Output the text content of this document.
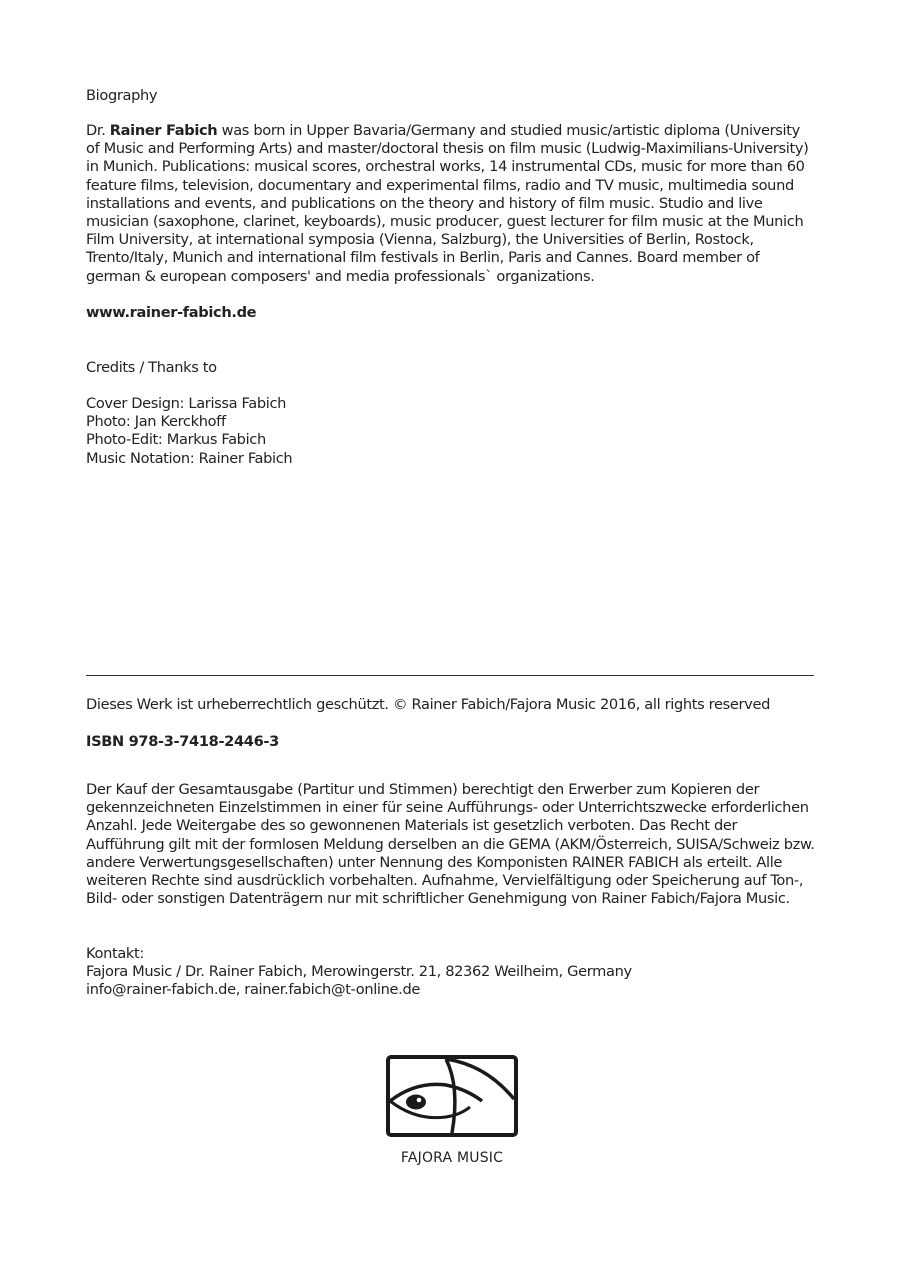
Biography

Dr. Rainer Fabich was born in Upper Bavaria/Germany and studied music/artistic diploma (University of Music and Performing Arts) and master/doctoral thesis on film music (Ludwig-Maximilians-University) in Munich. Publications: musical scores, orchestral works, 14 instrumental CDs, music for more than 60 feature films, television, documentary and experimental films, radio and TV music, multimedia sound installations and events, and publications on the theory and history of film music. Studio and live musician (saxophone, clarinet, keyboards), music producer, guest lecturer for film music at the Munich Film University, at international symposia (Vienna, Salzburg), the Universities of Berlin, Rostock, Trento/Italy, Munich and international film festivals in Berlin, Paris and Cannes. Board member of german & european composers' and media professionals` organizations.

www.rainer-fabich.de
Credits / Thanks to
Cover Design: Larissa Fabich
Photo: Jan Kerckhoff
Photo-Edit: Markus Fabich
Music Notation: Rainer Fabich
Dieses Werk ist urheberrechtlich geschützt. © Rainer Fabich/Fajora Music 2016, all rights reserved
ISBN 978-3-7418-2446-3
Der Kauf der Gesamtausgabe (Partitur und Stimmen) berechtigt den Erwerber zum Kopieren der gekennzeichneten Einzelstimmen in einer für seine Aufführungs- oder Unterrichtszwecke erforderlichen Anzahl. Jede Weitergabe des so gewonnenen Materials ist gesetzlich verboten. Das Recht der Aufführung gilt mit der formlosen Meldung derselben an die GEMA (AKM/Österreich, SUISA/Schweiz bzw. andere Verwertungsgesellschaften) unter Nennung des Komponisten RAINER FABICH als erteilt. Alle weiteren Rechte sind ausdrücklich vorbehalten. Aufnahme, Vervielfältigung oder Speicherung auf Ton-, Bild- oder sonstigen Datenträgern nur mit schriftlicher Genehmigung von Rainer Fabich/Fajora Music.
Kontakt:
Fajora Music / Dr. Rainer Fabich, Merowingerstr. 21, 82362 Weilheim, Germany
info@rainer-fabich.de, rainer.fabich@t-online.de
FAJORA MUSIC
